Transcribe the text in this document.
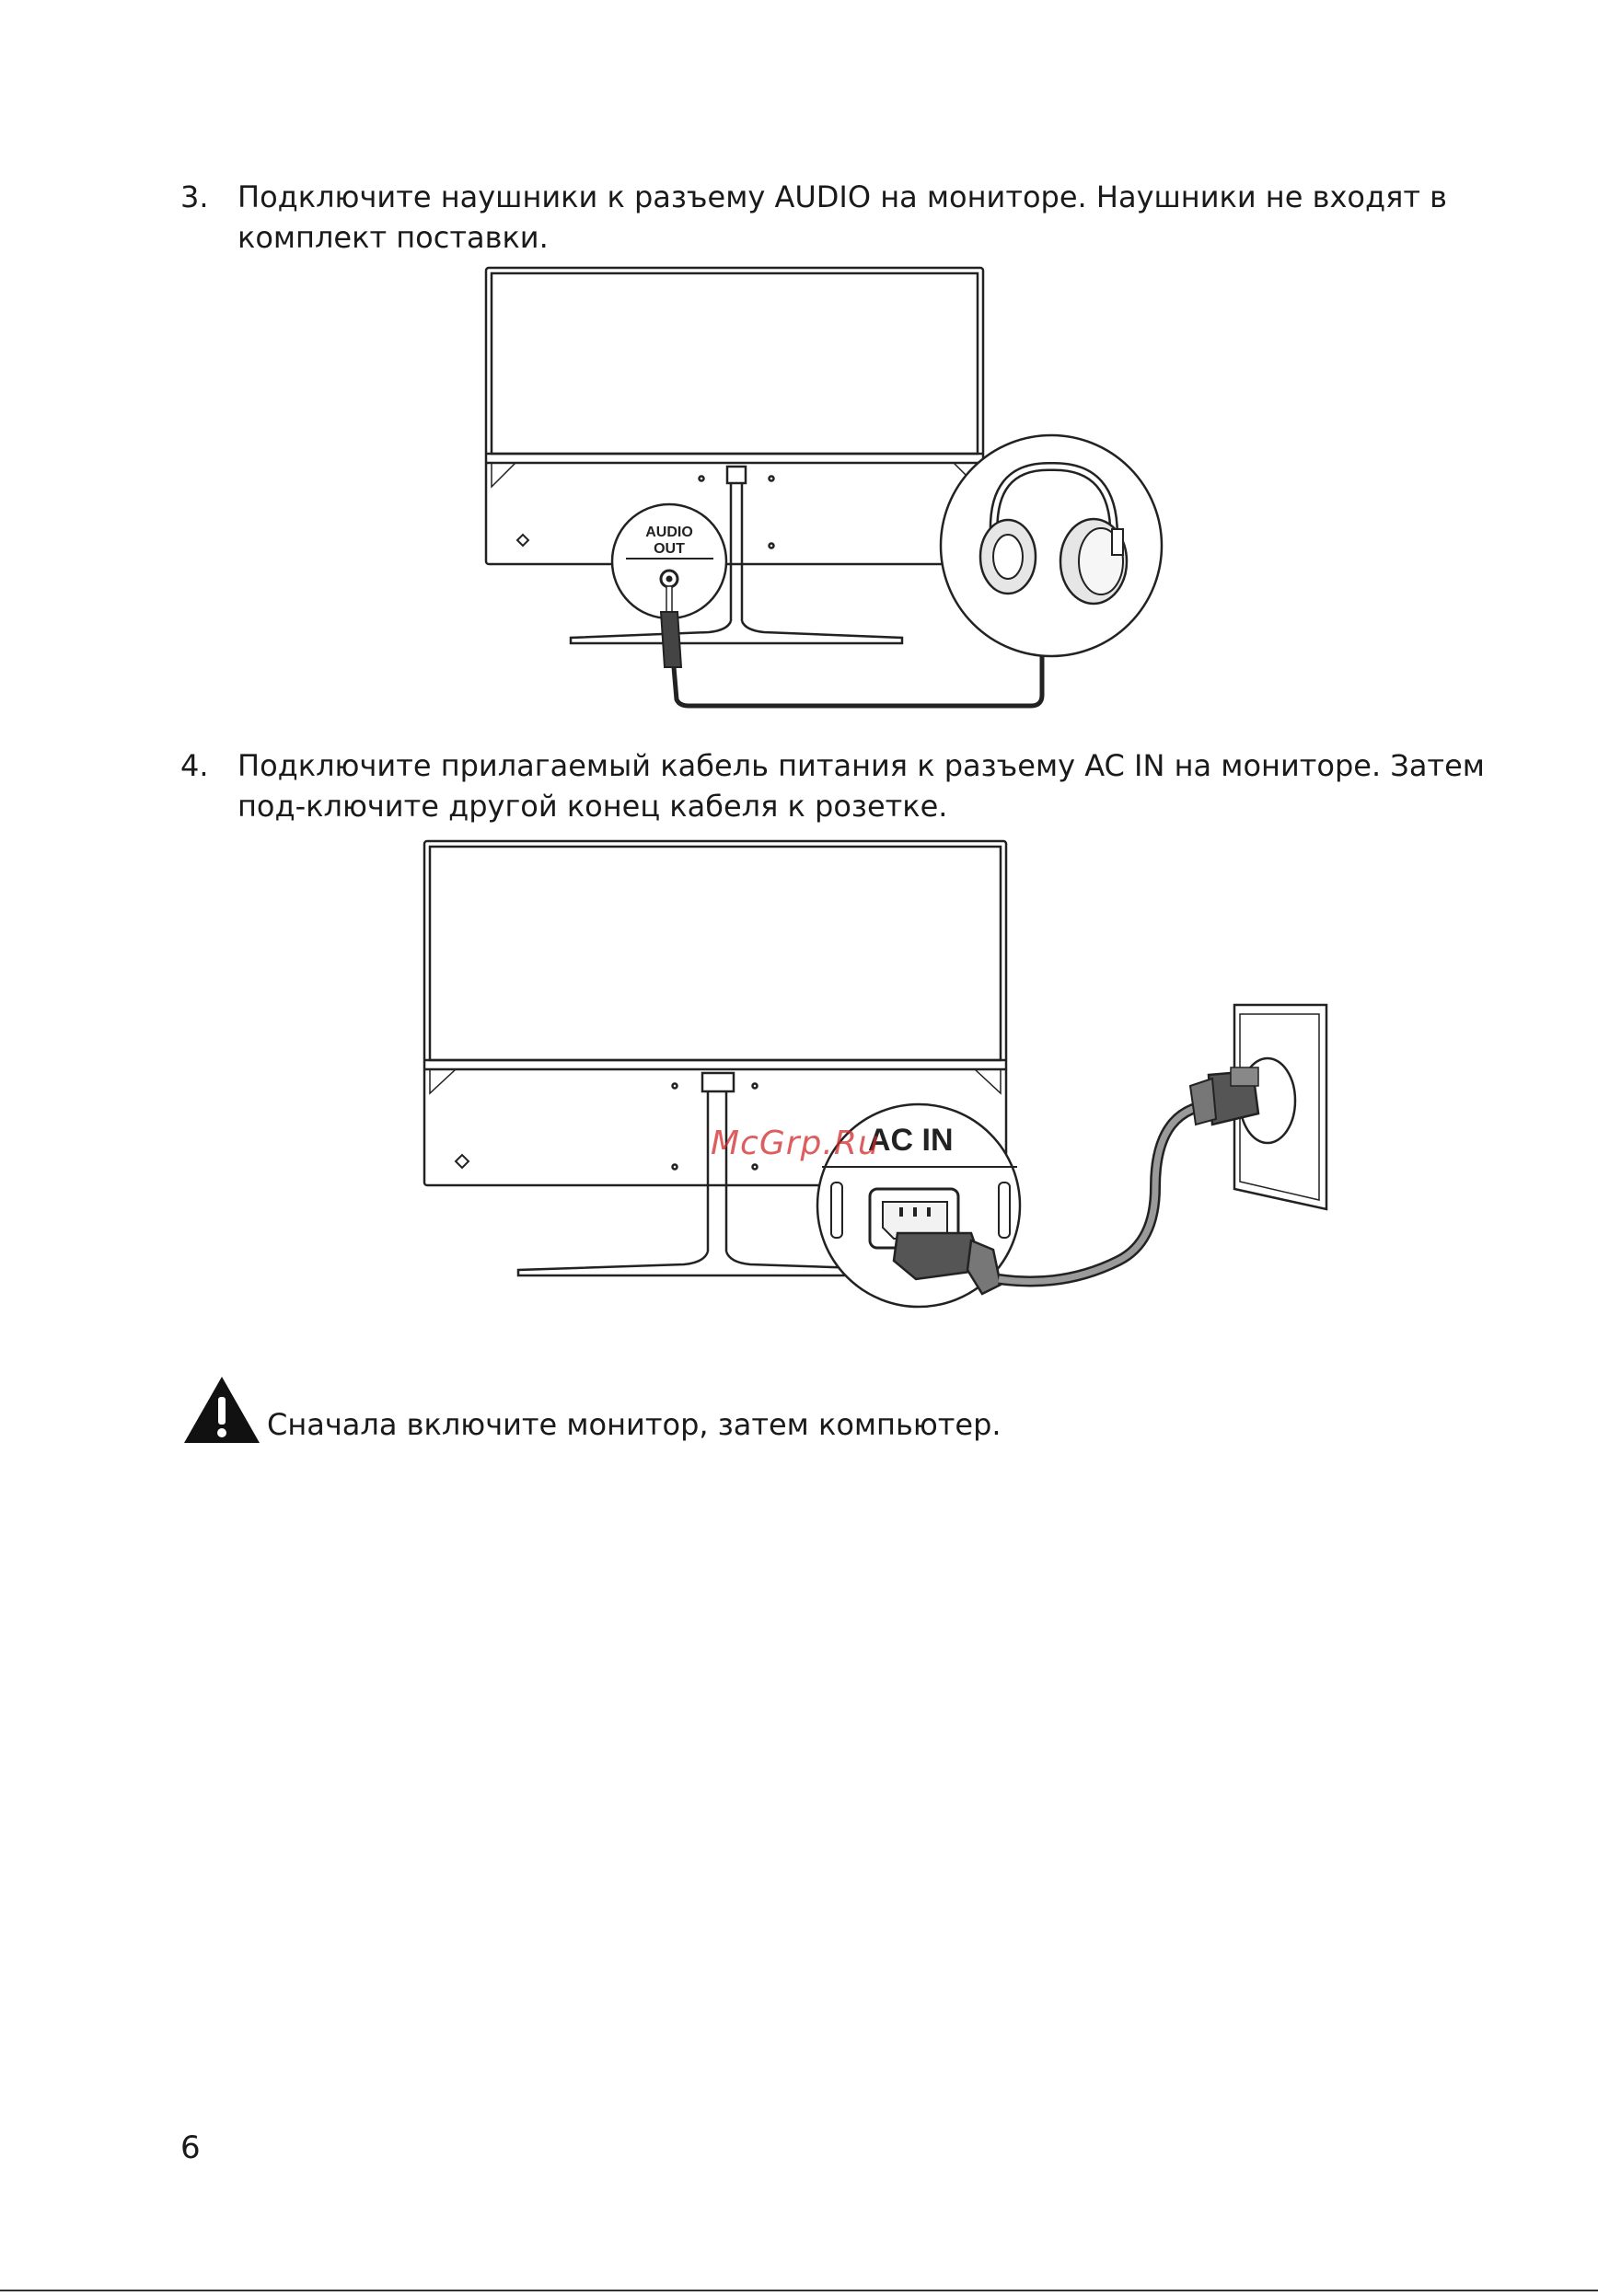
3. Подключите наушники к разъему AUDIO на мониторе. Наушники не входят в комплект поставки.
AUDIO
OUT
4. Подключите прилагаемый кабель питания к разъему AC IN на мониторе. Затем под-ключите другой конец кабеля к розетке.
AC IN
McGrp.Ru
Сначала включите монитор, затем компьютер.
6
